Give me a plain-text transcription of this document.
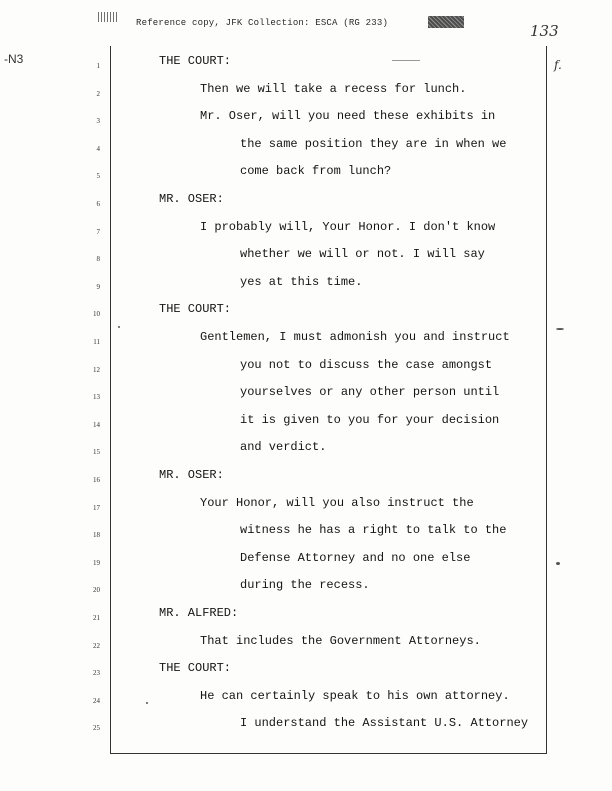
Reference copy, JFK Collection: ESCA (RG 233)	133
-N3	f.
1
2
3
4
5
6
7
8
9
10
11
12
13
14
15
16
17
18
19
20
21
22
23
24
25
THE COURT:
Then we will take a recess for lunch.
Mr. Oser, will you need these exhibits in
the same position they are in when we
come back from lunch?
MR. OSER:
I probably will, Your Honor. I don't know
whether we will or not. I will say
yes at this time.
THE COURT:
Gentlemen, I must admonish you and instruct
you not to discuss the case amongst
yourselves or any other person until
it is given to you for your decision
and verdict.
MR. OSER:
Your Honor, will you also instruct the
witness he has a right to talk to the
Defense Attorney and no one else
during the recess.
MR. ALFRED:
That includes the Government Attorneys.
THE COURT:
He can certainly speak to his own attorney.
I understand the Assistant U.S. Attorney
